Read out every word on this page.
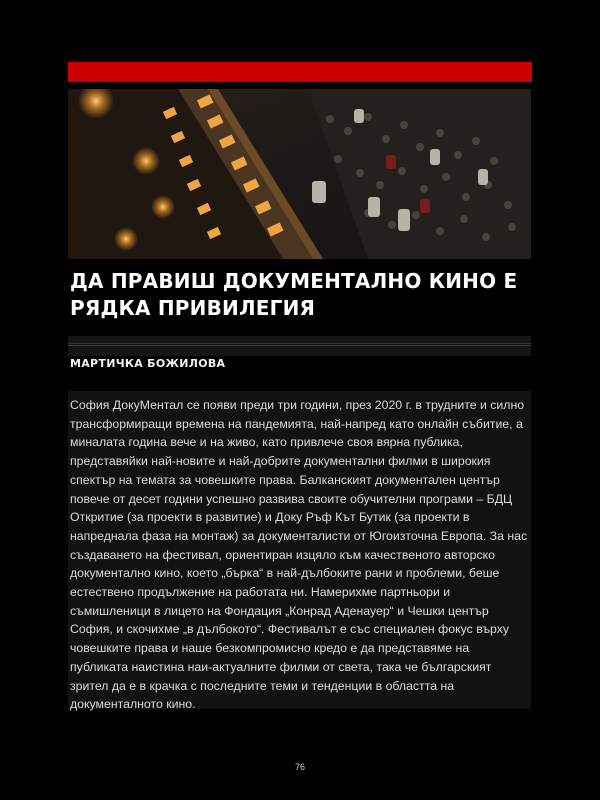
ДА ПРАВИШ ДОКУМЕНТАЛНО КИНО Е РЯДКА ПРИВИЛЕГИЯ
МАРТИЧКА БОЖИЛОВА

София ДокуМентал се появи преди три години, през 2020 г. в трудните и силно трансформиращи времена на пандемията, най-напред като онлайн събитие, а миналата година вече и на живо, като привлече своя вярна публика, представяйки най-новите и най-добрите документални филми в широкия спектър на темата за човешките права. Балканският документален център повече от десет години успешно развива своите обучителни програми – БДЦ Откритие (за проекти в развитие) и Доку Ръф Кът Бутик (за проекти в напреднала фаза на монтаж) за документалисти от Югоизточна Европа. За нас създаването на фестивал, ориентиран изцяло към качественото авторско документално кино, което „бърка“ в най-дълбоките рани и проблеми, беше естествено продължение на работата ни. Намерихме партньори и съмишленици в лицето на Фондация „Конрад Аденауер“ и Чешки център София, и скочихме „в дълбокото“. Фестивалът е със специален фокус върху човешките права и наше безкомпромисно кредо е да представяме на публиката наистина наи-актуалните филми от света, така че българският зрител да е в крачка с последните теми и тенденции в областта на документалното кино.

76
